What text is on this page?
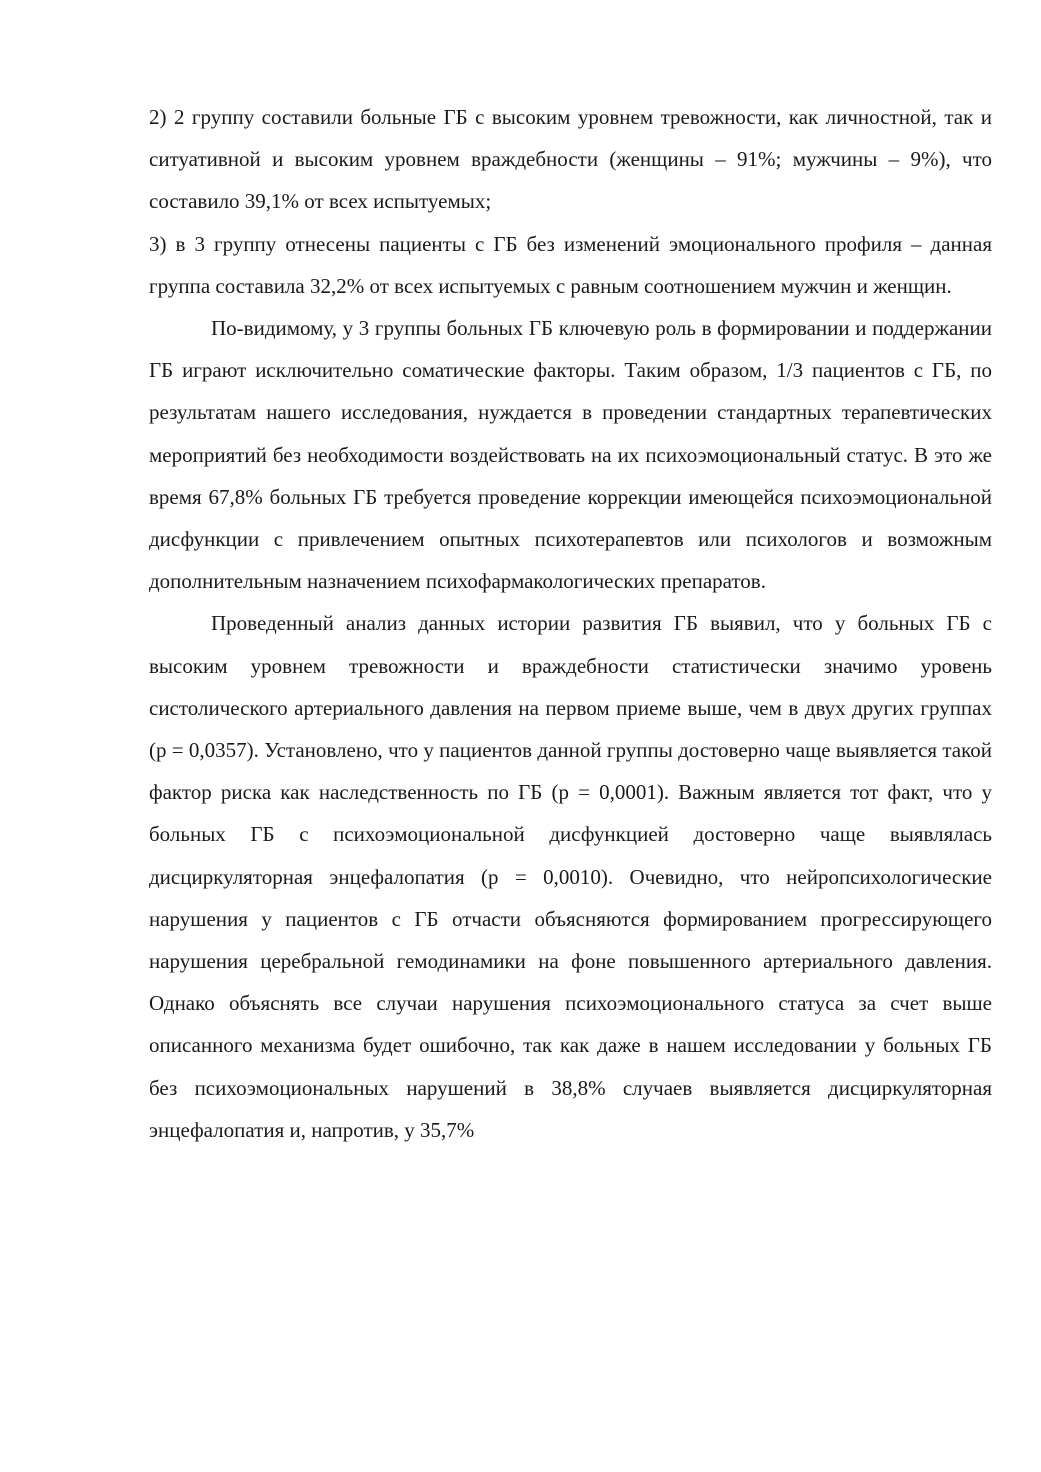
2) 2 группу составили больные ГБ с высоким уровнем тревожности, как личностной, так и ситуативной и высоким уровнем враждебности (женщины – 91%; мужчины – 9%), что составило 39,1% от всех испытуемых;

3) в 3 группу отнесены пациенты с ГБ без изменений эмоционального профиля – данная группа составила 32,2% от всех испытуемых с равным соотношением мужчин и женщин.

По-видимому, у 3 группы больных ГБ ключевую роль в формировании и поддержании ГБ играют исключительно соматические факторы. Таким образом, 1/3 пациентов с ГБ, по результатам нашего исследования, нуждается в проведении стандартных терапевтических мероприятий без необходимости воздействовать на их психоэмоциональный статус. В это же время 67,8% больных ГБ требуется проведение коррекции имеющейся психоэмоциональной дисфункции с привлечением опытных психотерапевтов или психологов и возможным дополнительным назначением психофармакологических препаратов.

Проведенный анализ данных истории развития ГБ выявил, что у больных ГБ с высоким уровнем тревожности и враждебности статистически значимо уровень систолического артериального давления на первом приеме выше, чем в двух других группах (p = 0,0357). Установлено, что у пациентов данной группы достоверно чаще выявляется такой фактор риска как наследственность по ГБ (p = 0,0001). Важным является тот факт, что у больных ГБ с психоэмоциональной дисфункцией достоверно чаще выявлялась дисциркуляторная энцефалопатия (p = 0,0010). Очевидно, что нейропсихологические нарушения у пациентов с ГБ отчасти объясняются формированием прогрессирующего нарушения церебральной гемодинамики на фоне повышенного артериального давления. Однако объяснять все случаи нарушения психоэмоционального статуса за счет выше описанного механизма будет ошибочно, так как даже в нашем исследовании у больных ГБ без психоэмоциональных нарушений в 38,8% случаев выявляется дисциркуляторная энцефалопатия и, напротив, у 35,7%
